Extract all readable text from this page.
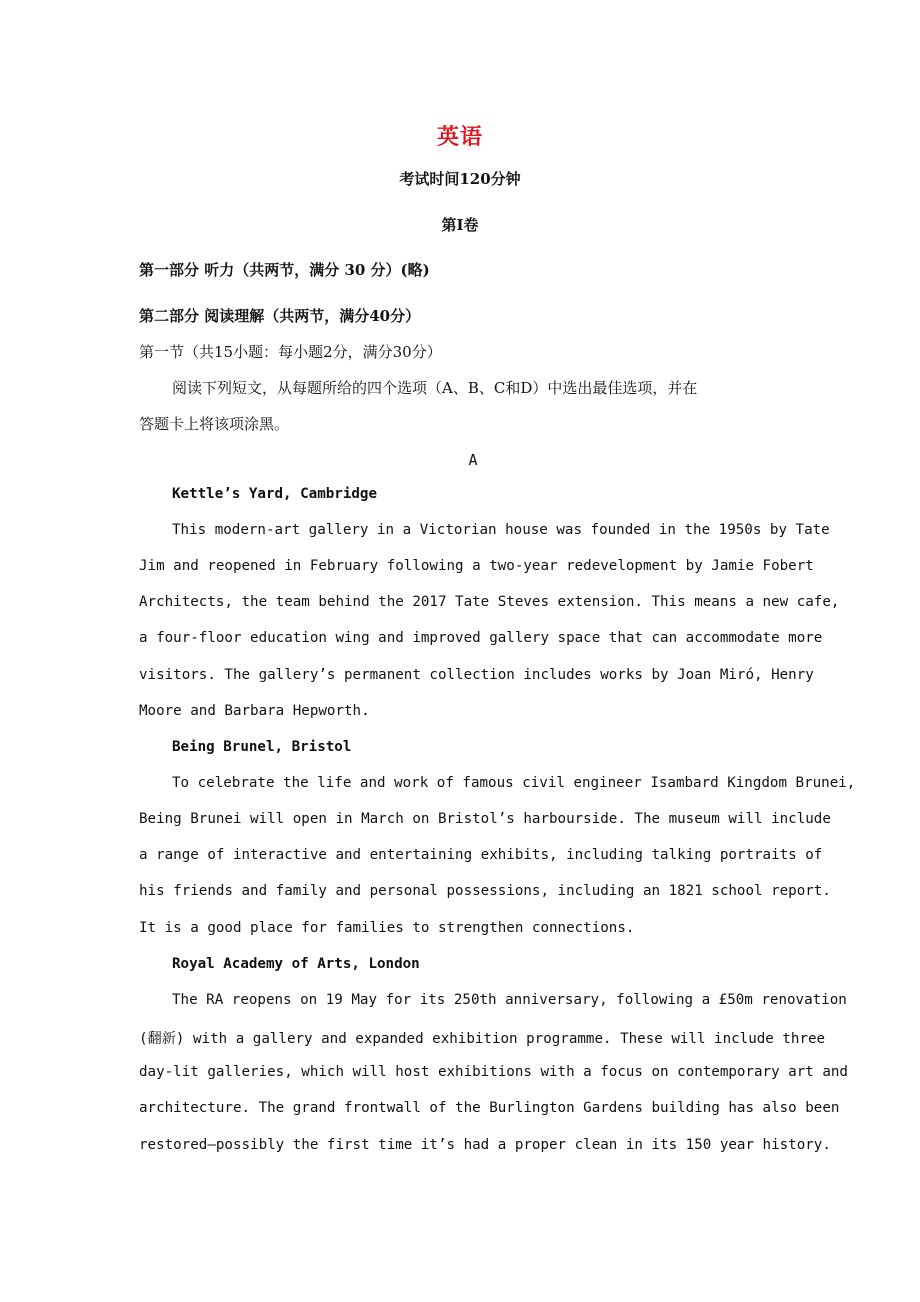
英语
考试时间120分钟
第Ⅰ卷
第一部分 听力（共两节，满分 30 分）(略)
第二部分 阅读理解（共两节，满分40分）
第一节（共15小题：每小题2分，满分30分）
阅读下列短文，从每题所给的四个选项（A、B、C和D）中选出最佳选项，并在
答题卡上将该项涂黑。
A
Kettle’s Yard, Cambridge
This modern-art gallery in a Victorian house was founded in the 1950s by Tate
Jim and reopened in February following a two-year redevelopment by Jamie Fobert
Architects, the team behind the 2017 Tate Steves extension. This means a new cafe,
a four-floor education wing and improved gallery space that can accommodate more
visitors. The gallery’s permanent collection includes works by Joan Miró, Henry
Moore and Barbara Hepworth.
Being Brunel, Bristol
To celebrate the life and work of famous civil engineer Isambard Kingdom Brunei,
Being Brunei will open in March on Bristol’s harbourside. The museum will include
a range of interactive and entertaining exhibits, including talking portraits of
his friends and family and personal possessions, including an 1821 school report.
It is a good place for families to strengthen connections.
Royal Academy of Arts, London
The RA reopens on 19 May for its 250th anniversary, following a £50m renovation
(翻新) with a gallery and expanded exhibition programme. These will include three
day-lit galleries, which will host exhibitions with a focus on contemporary art and
architecture. The grand frontwall of the Burlington Gardens building has also been
restored—possibly the first time it’s had a proper clean in its 150 year history.
